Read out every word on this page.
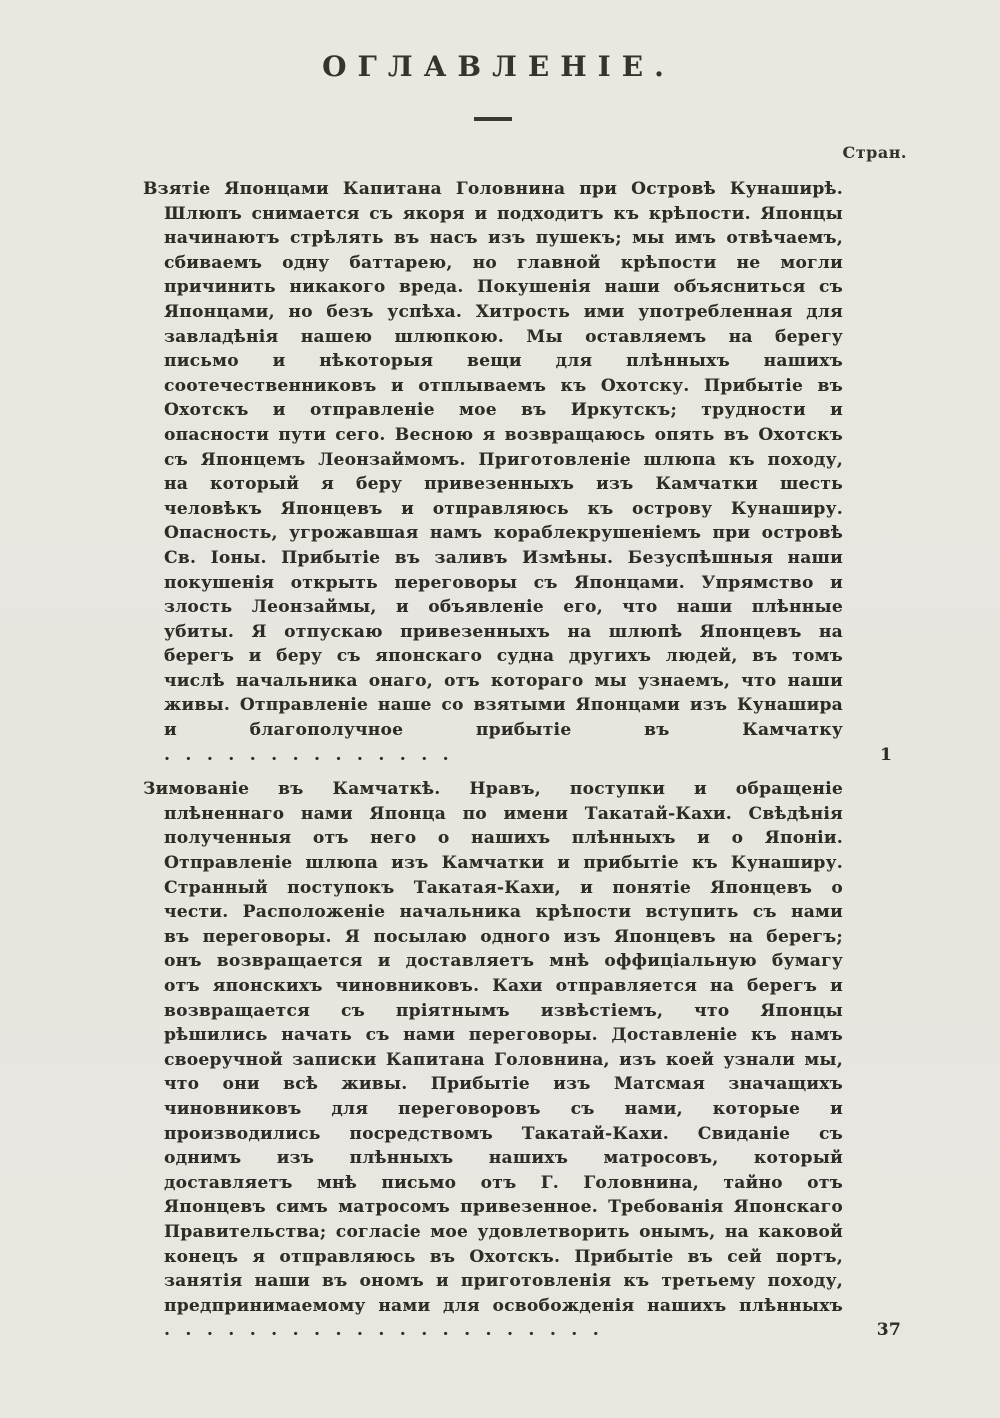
ОГЛАВЛЕНІЕ.
Стран.

Взятіе Японцами Капитана Головнина при Островѣ Кунаширѣ. Шлюпъ снимается съ якоря и подходитъ къ крѣпости. Японцы начинаютъ стрѣлять въ насъ изъ пушекъ; мы имъ отвѣчаемъ, сбиваемъ одну баттарею, но главной крѣпости не могли причинить никакого вреда. Покушенія наши объясниться съ Японцами, но безъ успѣха. Хитрость ими употребленная для завладѣнія нашею шлюпкою. Мы оставляемъ на берегу письмо и нѣкоторыя вещи для плѣнныхъ нашихъ соотечественниковъ и отплываемъ къ Охотску. Прибытіе въ Охотскъ и отправленіе мое въ Иркутскъ; трудности и опасности пути сего. Весною я возвращаюсь опять въ Охотскъ съ Японцемъ Леонзаймомъ. Приготовленіе шлюпа къ походу, на который я беру привезенныхъ изъ Камчатки шесть человѣкъ Японцевъ и отправляюсь къ острову Кунаширу. Опасность, угрожавшая намъ кораблекрушеніемъ при островѣ Св. Іоны. Прибытіе въ заливъ Измѣны. Безуспѣшныя наши покушенія открыть переговоры съ Японцами. Упрямство и злость Леонзаймы, и объявленіе его, что наши плѣнные убиты. Я отпускаю привезенныхъ на шлюпѣ Японцевъ на берегъ и беру съ японскаго судна другихъ людей, въ томъ числѣ начальника онаго, отъ котораго мы узнаемъ, что наши живы. Отправленіе наше со взятыми Японцами изъ Кунашира и благополучное прибытіе въ Камчатку . . . . . . . . . . . . . .	1

Зимованіе въ Камчаткѣ. Нравъ, поступки и обращеніе плѣненнаго нами Японца по имени Такатай-Кахи. Свѣдѣнія полученныя отъ него о нашихъ плѣнныхъ и о Японіи. Отправленіе шлюпа изъ Камчатки и прибытіе къ Кунаширу. Странный поступокъ Такатая-Кахи, и понятіе Японцевъ о чести. Расположеніе начальника крѣпости вступить съ нами въ переговоры. Я посылаю одного изъ Японцевъ на берегъ; онъ возвращается и доставляетъ мнѣ оффиціальную бумагу отъ японскихъ чиновниковъ. Кахи отправляется на берегъ и возвращается съ пріятнымъ извѣстіемъ, что Японцы рѣшились начать съ нами переговоры. Доставленіе къ намъ своеручной записки Капитана Головнина, изъ коей узнали мы, что они всѣ живы. Прибытіе изъ Матсмая значащихъ чиновниковъ для переговоровъ съ нами, которые и производились посредствомъ Такатай-Кахи. Свиданіе съ однимъ изъ плѣнныхъ нашихъ матросовъ, который доставляетъ мнѣ письмо отъ Г. Головнина, тайно отъ Японцевъ симъ матросомъ привезенное. Требованія Японскаго Правительства; согласіе мое удовлетворить онымъ, на каковой конецъ я отправляюсь въ Охотскъ. Прибытіе въ сей портъ, занятія наши въ ономъ и приготовленія къ третьему походу, предпринимаемому нами для освобожденія нашихъ плѣнныхъ . . . . . . . . . . . . . . . . . . . . .	37
